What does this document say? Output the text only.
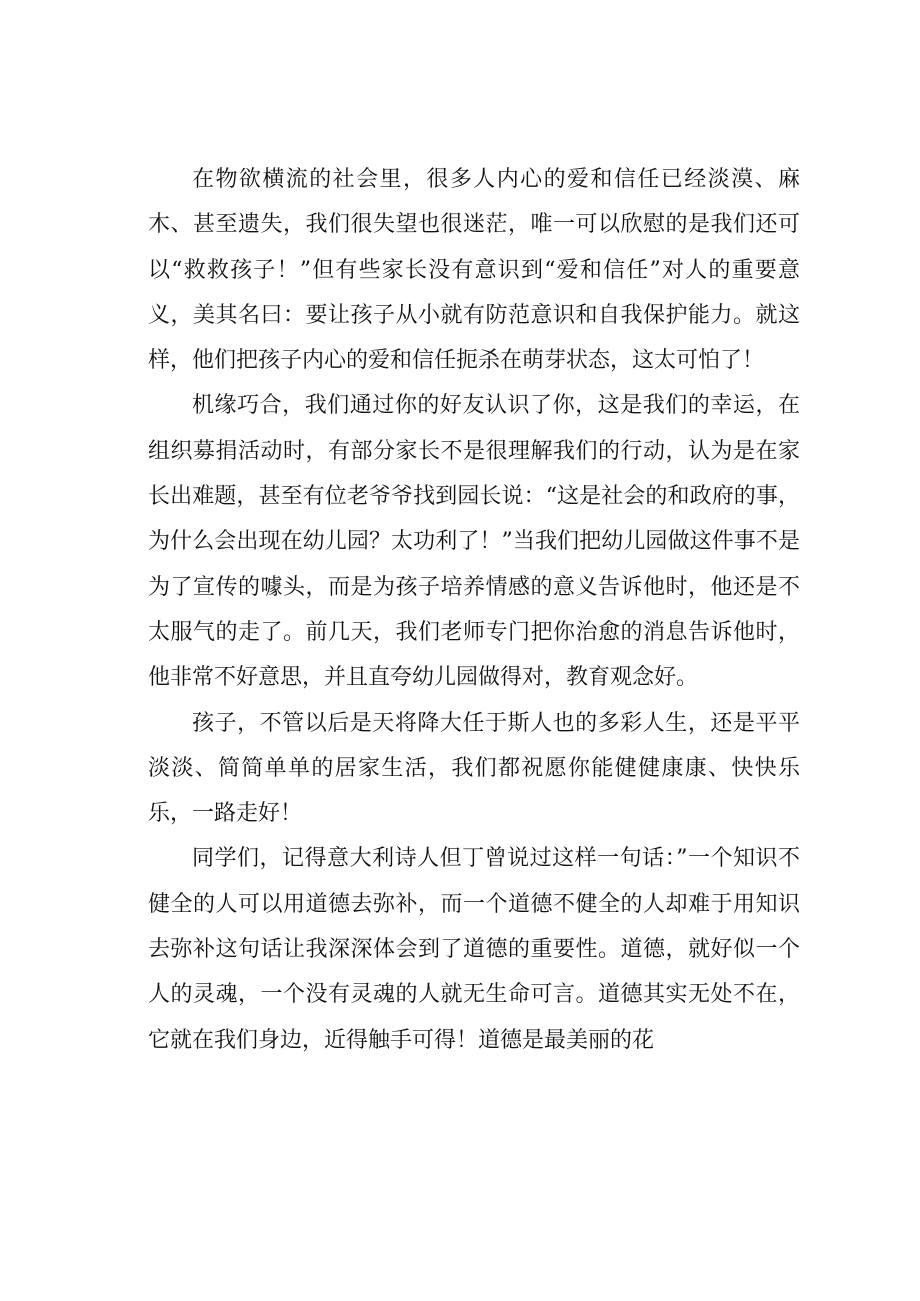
在物欲横流的社会里，很多人内心的爱和信任已经淡漠、麻木、甚至遗失，我们很失望也很迷茫，唯一可以欣慰的是我们还可以“救救孩子！”但有些家长没有意识到“爱和信任”对人的重要意义，美其名曰：要让孩子从小就有防范意识和自我保护能力。就这样，他们把孩子内心的爱和信任扼杀在萌芽状态，这太可怕了！

机缘巧合，我们通过你的好友认识了你，这是我们的幸运，在组织募捐活动时，有部分家长不是很理解我们的行动，认为是在家长出难题，甚至有位老爷爷找到园长说：“这是社会的和政府的事，为什么会出现在幼儿园？太功利了！”当我们把幼儿园做这件事不是为了宣传的噱头，而是为孩子培养情感的意义告诉他时，他还是不太服气的走了。前几天，我们老师专门把你治愈的消息告诉他时，他非常不好意思，并且直夸幼儿园做得对，教育观念好。

孩子，不管以后是天将降大任于斯人也的多彩人生，还是平平淡淡、简简单单的居家生活，我们都祝愿你能健健康康、快快乐乐，一路走好！

同学们，记得意大利诗人但丁曾说过这样一句话：”一个知识不健全的人可以用道德去弥补，而一个道德不健全的人却难于用知识去弥补这句话让我深深体会到了道德的重要性。道德，就好似一个人的灵魂，一个没有灵魂的人就无生命可言。道德其实无处不在，它就在我们身边，近得触手可得！道德是最美丽的花
